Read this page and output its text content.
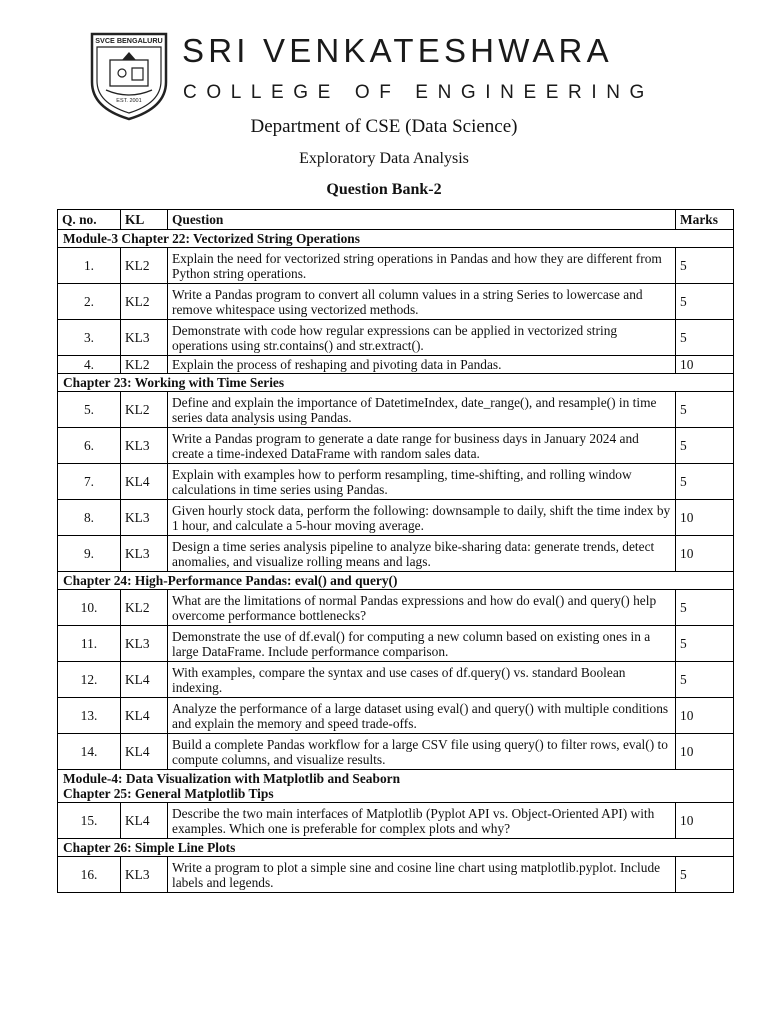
SVCE BENGALURU
EST. 2001
SRI VENKATESHWARA
COLLEGE OF ENGINEERING
Department of CSE (Data Science)
Exploratory Data Analysis
Question Bank-2
Q. no.	KL	Question	Marks
Module-3 Chapter 22: Vectorized String Operations			
1.	KL2	Explain the need for vectorized string operations in Pandas and how they are different from Python string operations.	5
2.	KL2	Write a Pandas program to convert all column values in a string Series to lowercase and remove whitespace using vectorized methods.	5
3.	KL3	Demonstrate with code how regular expressions can be applied in vectorized string operations using str.contains() and str.extract().	5
4.	KL2	Explain the process of reshaping and pivoting data in Pandas.	10
Chapter 23: Working with Time Series			
5.	KL2	Define and explain the importance of DatetimeIndex, date_range(), and resample() in time series data analysis using Pandas.	5
6.	KL3	Write a Pandas program to generate a date range for business days in January 2024 and create a time-indexed DataFrame with random sales data.	5
7.	KL4	Explain with examples how to perform resampling, time-shifting, and rolling window calculations in time series using Pandas.	5
8.	KL3	Given hourly stock data, perform the following: downsample to daily, shift the time index by 1 hour, and calculate a 5-hour moving average.	10
9.	KL3	Design a time series analysis pipeline to analyze bike-sharing data: generate trends, detect anomalies, and visualize rolling means and lags.	10
Chapter 24: High-Performance Pandas: eval() and query()			
10.	KL2	What are the limitations of normal Pandas expressions and how do eval() and query() help overcome performance bottlenecks?	5
11.	KL3	Demonstrate the use of df.eval() for computing a new column based on existing ones in a large DataFrame. Include performance comparison.	5
12.	KL4	With examples, compare the syntax and use cases of df.query() vs. standard Boolean indexing.	5
13.	KL4	Analyze the performance of a large dataset using eval() and query() with multiple conditions and explain the memory and speed trade-offs.	10
14.	KL4	Build a complete Pandas workflow for a large CSV file using query() to filter rows, eval() to compute columns, and visualize results.	10

Module-4: Data Visualization with Matplotlib and Seaborn
Chapter 25: General Matplotlib Tips			

15.	KL4	Describe the two main interfaces of Matplotlib (Pyplot API vs. Object-Oriented API) with examples. Which one is preferable for complex plots and why?	10
Chapter 26: Simple Line Plots			
16.	KL3	Write a program to plot a simple sine and cosine line chart using matplotlib.pyplot. Include labels and legends.	5
